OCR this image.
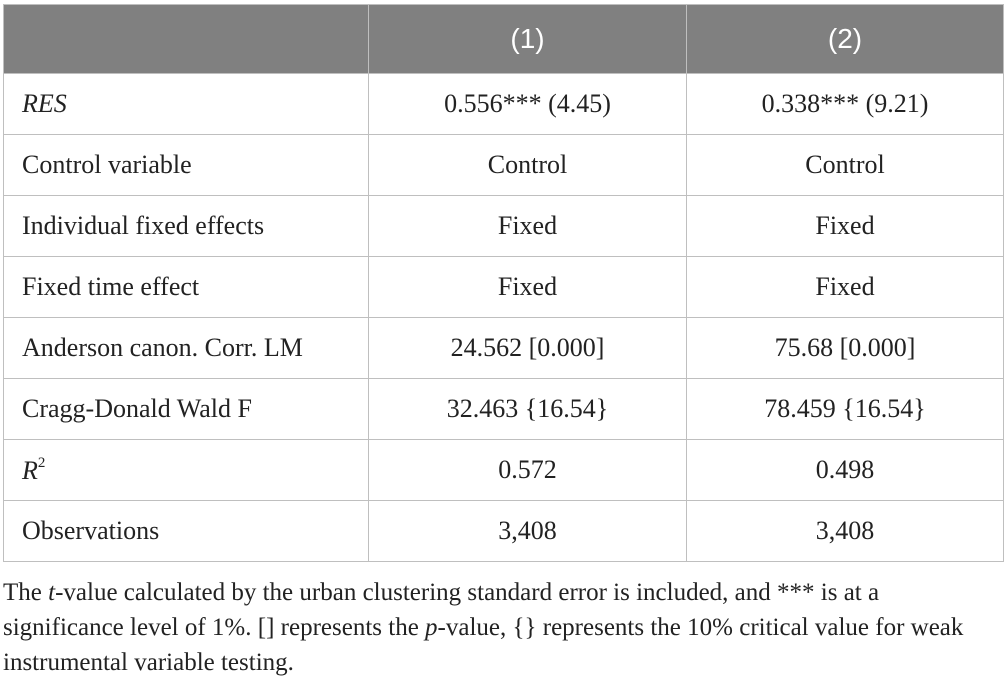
	(1)	(2)
RES	0.556*** (4.45)	0.338*** (9.21)
Control variable	Control	Control
Individual fixed effects	Fixed	Fixed
Fixed time effect	Fixed	Fixed
Anderson canon. Corr. LM	24.562 [0.000]	75.68 [0.000]
Cragg-Donald Wald F	32.463 {16.54}	78.459 {16.54}
$R^2$	0.572	0.498
Observations	3,408	3,408
The t-value calculated by the urban clustering standard error is included, and *** is at a significance level of 1%. [] represents the p-value, {} represents the 10% critical value for weak instrumental variable testing.
